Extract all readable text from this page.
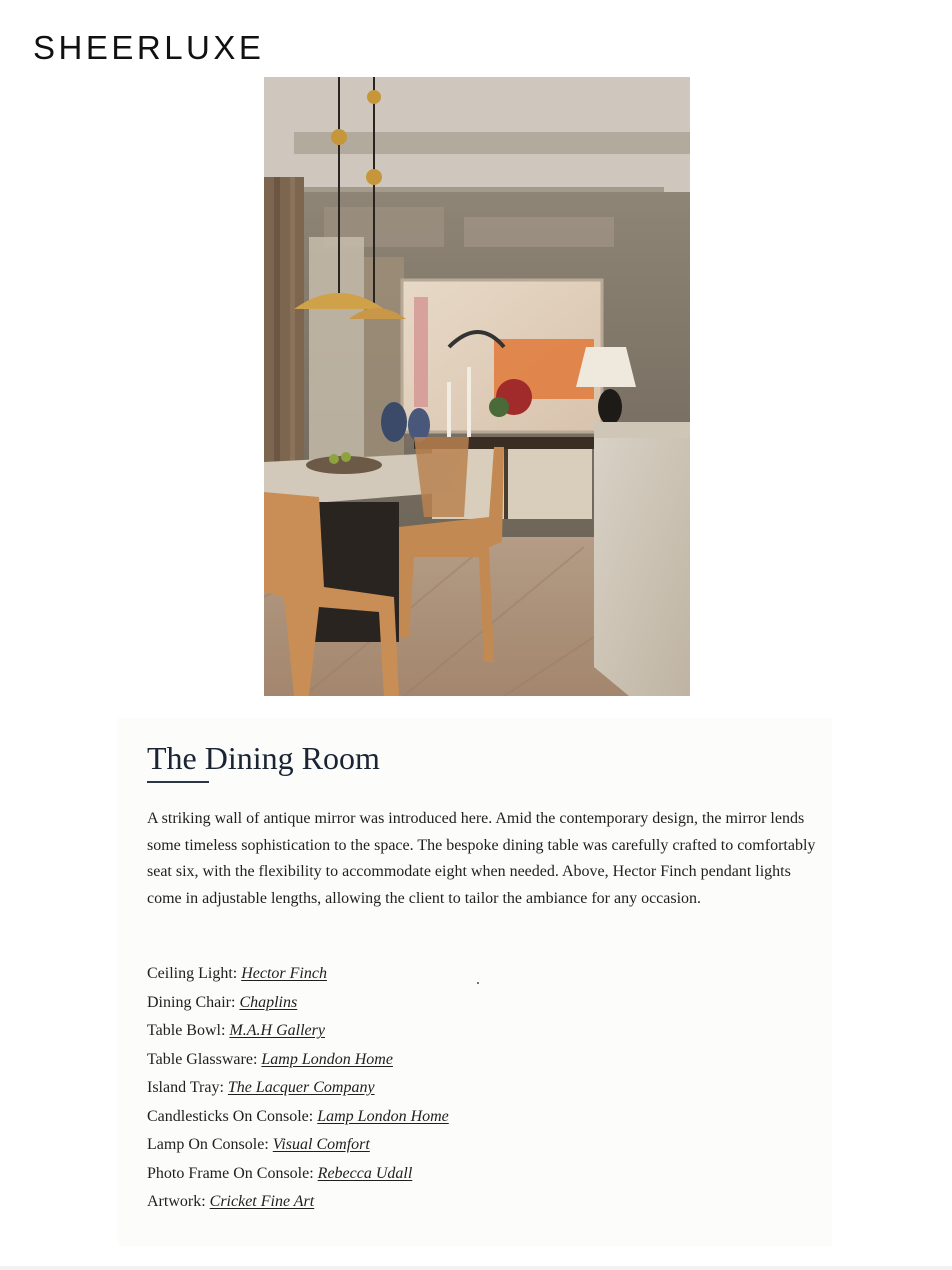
SHEERLUXE
The Dining Room

A striking wall of antique mirror was introduced here. Amid the contemporary design, the mirror lends some timeless sophistication to the space. The bespoke dining table was carefully crafted to comfortably seat six, with the flexibility to accommodate eight when needed. Above, Hector Finch pendant lights come in adjustable lengths, allowing the client to tailor the ambiance for any occasion.

Ceiling Light: Hector Finch
Dining Chair: Chaplins
Table Bowl: M.A.H Gallery
Table Glassware: Lamp London Home
Island Tray: The Lacquer Company
Candlesticks On Console: Lamp London Home
Lamp On Console: Visual Comfort
Photo Frame On Console: Rebecca Udall
Artwork: Cricket Fine Art
